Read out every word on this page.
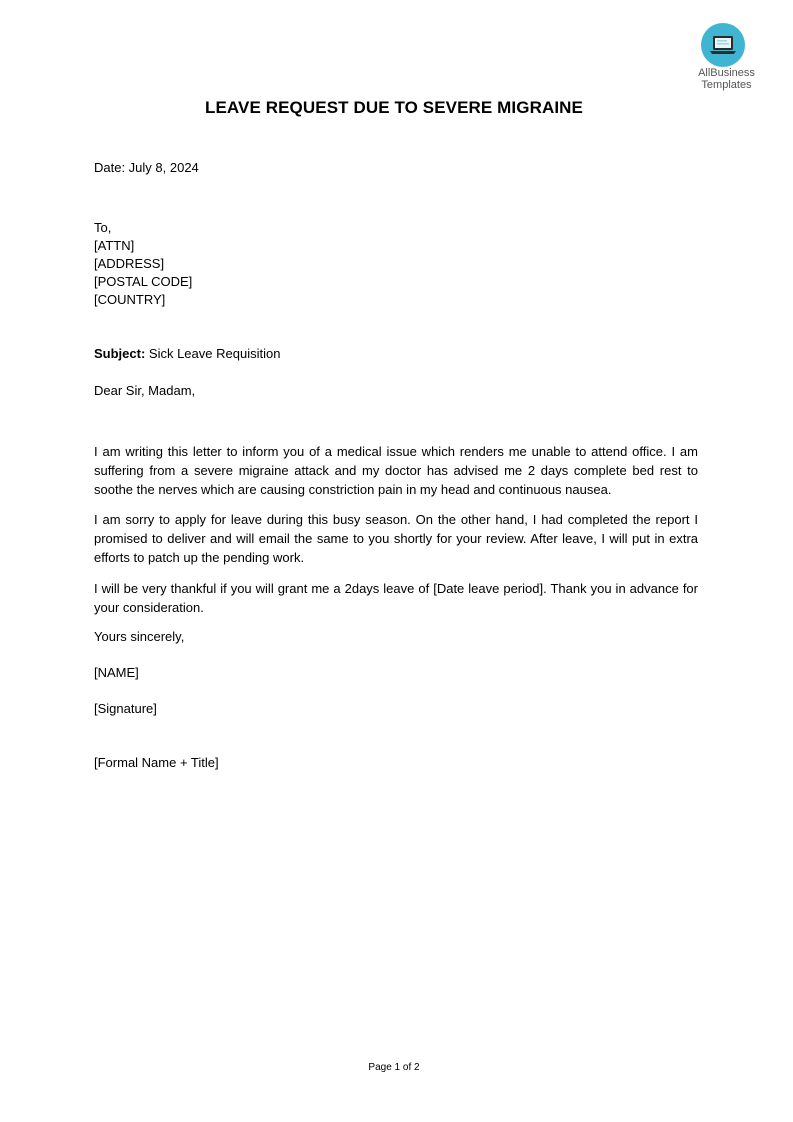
AllBusiness
Templates
LEAVE REQUEST DUE TO SEVERE MIGRAINE
Date: July 8, 2024
To,
[ATTN]
[ADDRESS]
[POSTAL CODE]
[COUNTRY]
Subject: Sick Leave Requisition
Dear Sir, Madam,
I am writing this letter to inform you of a medical issue which renders me unable to attend office. I am suffering from a severe migraine attack and my doctor has advised me 2 days complete bed rest to soothe the nerves which are causing constriction pain in my head and continuous nausea.
I am sorry to apply for leave during this busy season. On the other hand, I had completed the report I promised to deliver and will email the same to you shortly for your review. After leave, I will put in extra efforts to patch up the pending work.
I will be very thankful if you will grant me a 2days leave of [Date leave period]. Thank you in advance for your consideration.
Yours sincerely,
[NAME]
[Signature]
[Formal Name + Title]
Page 1 of 2
